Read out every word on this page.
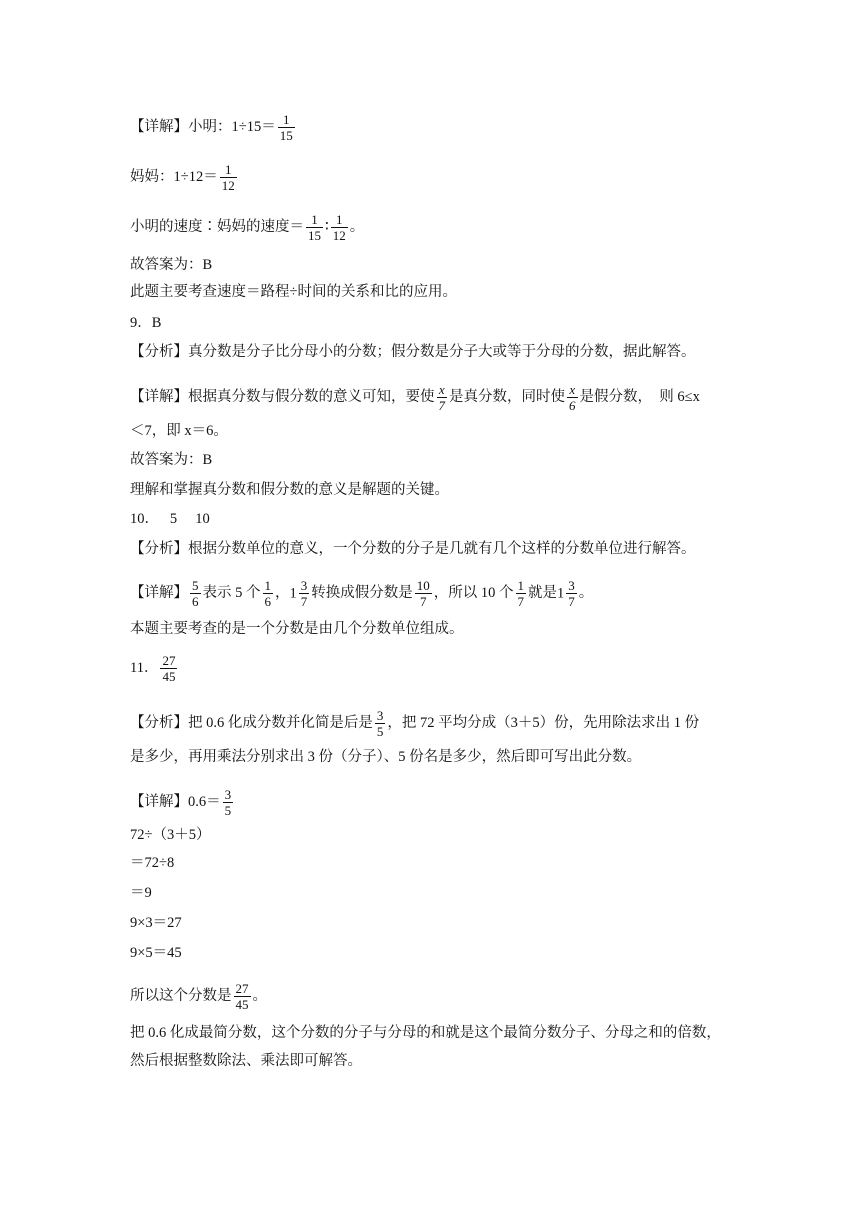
【详解】小明：$1\div 15= \frac{1}{15}$
妈妈：$1\div 12= \frac{1}{12}$
小明的速度∶妈妈的速度＝ $\frac{1}{15}$ ∶ $\frac{1}{12}$ 。
故答案为：B
此题主要考查速度＝路程÷时间的关系和比的应用。
9．B
【分析】真分数是分子比分母小的分数；假分数是分子大或等于分母的分数，据此解答。
【详解】根据真分数与假分数的意义可知，要使 $\frac{x}{7}$ 是真分数，同时使 $\frac{x}{6}$ 是假分数，　则 6≤x
＜7，即 x＝6。
故答案为：B
理解和掌握真分数和假分数的意义是解题的关键。
10．　 5　 10
【分析】根据分数单位的意义，一个分数的分子是几就有几个这样的分数单位进行解答。
【详解】 $\frac{5}{6}$ 表示 5 个 $\frac{1}{6}$ ，$1 \frac{3}{7}$ 转换成假分数是 $\frac{10}{7}$ ，所以 10 个 $\frac{1}{7}$ 就是$1 \frac{3}{7}$ 。
本题主要考查的是一个分数是由几个分数单位组成。
11． $\frac{27}{45}$
【分析】把 0.6 化成分数并化简是后是 $\frac{3}{5}$ ，把 72 平均分成（3＋5）份，先用除法求出 1 份
是多少，再用乘法分别求出 3 份（分子）、5 份名是多少，然后即可写出此分数。
【详解】$0.6= \frac{3}{5}$
72÷（3＋5）
＝72÷8
＝9
9×3＝27
9×5＝45
所以这个分数是 $\frac{27}{45}$ 。
把 0.6 化成最简分数，这个分数的分子与分母的和就是这个最简分数分子、分母之和的倍数，
然后根据整数除法、乘法即可解答。
